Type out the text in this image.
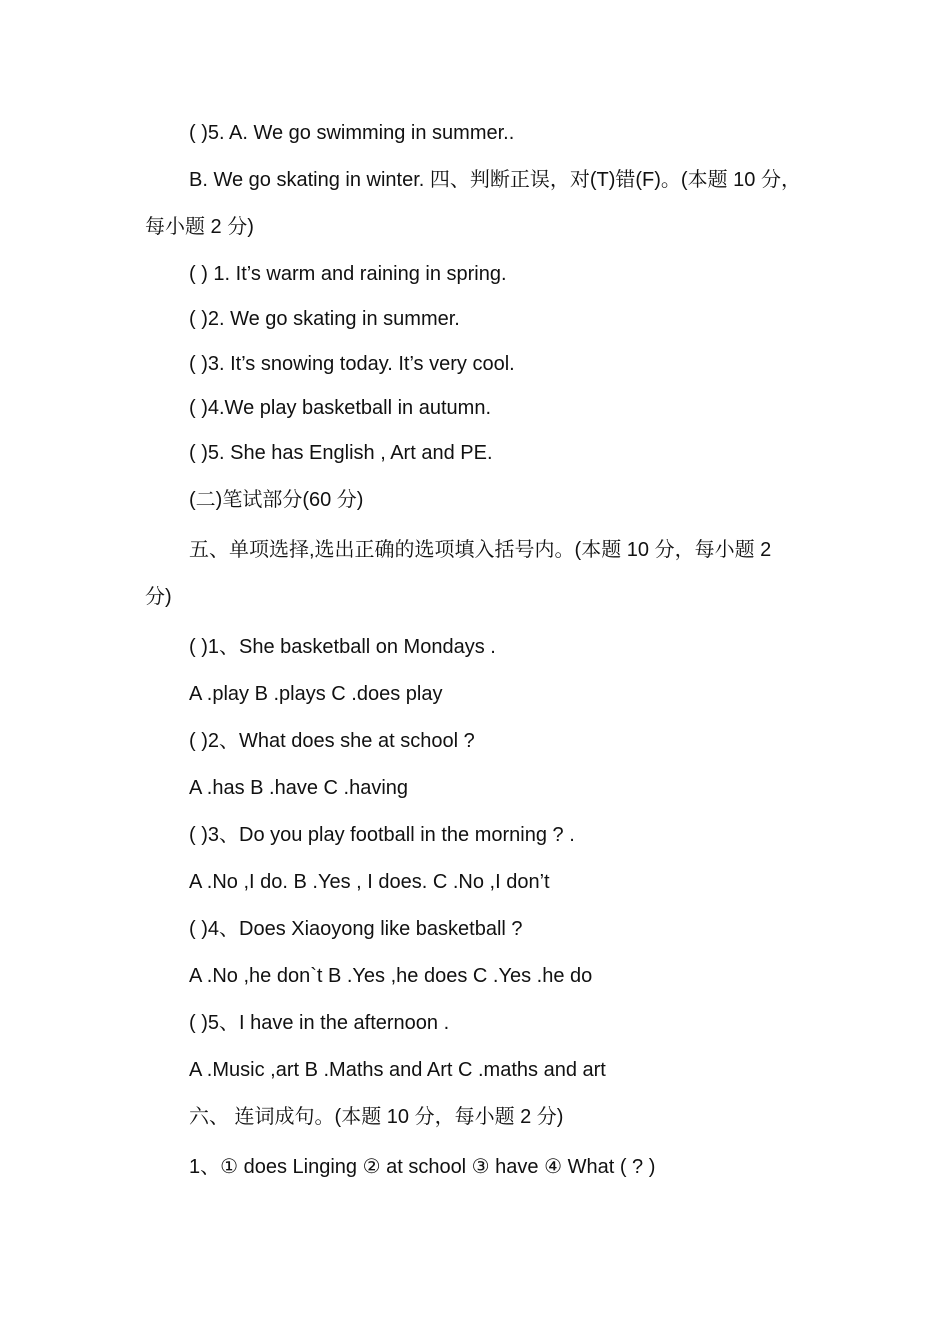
( )5. A. We go swimming in summer..
B. We go skating in winter. 四、判断正误，对(T)错(F)。(本题 10 分，
每小题 2 分)
( ) 1. It’s warm and raining in spring.
( )2. We go skating in summer.
( )3. It’s snowing today. It’s very cool.
( )4.We play basketball in autumn.
( )5. She has English , Art and PE.
(二)笔试部分(60 分)
五、单项选择,选出正确的选项填入括号内。(本题 10 分，每小题 2
分)
( )1、She basketball on Mondays .
A .play B .plays C .does play
( )2、What does she at school ?
A .has B .have C .having
( )3、Do you play football in the morning ? .
A .No ,I do. B .Yes , I does. C .No ,I don’t
( )4、Does Xiaoyong like basketball ?
A .No ,he don`t B .Yes ,he does C .Yes .he do
( )5、I have in the afternoon .
A .Music ,art B .Maths and Art C .maths and art
六、 连词成句。(本题 10 分，每小题 2 分)
1、① does Linging ② at school ③ have ④ What ( ? )
